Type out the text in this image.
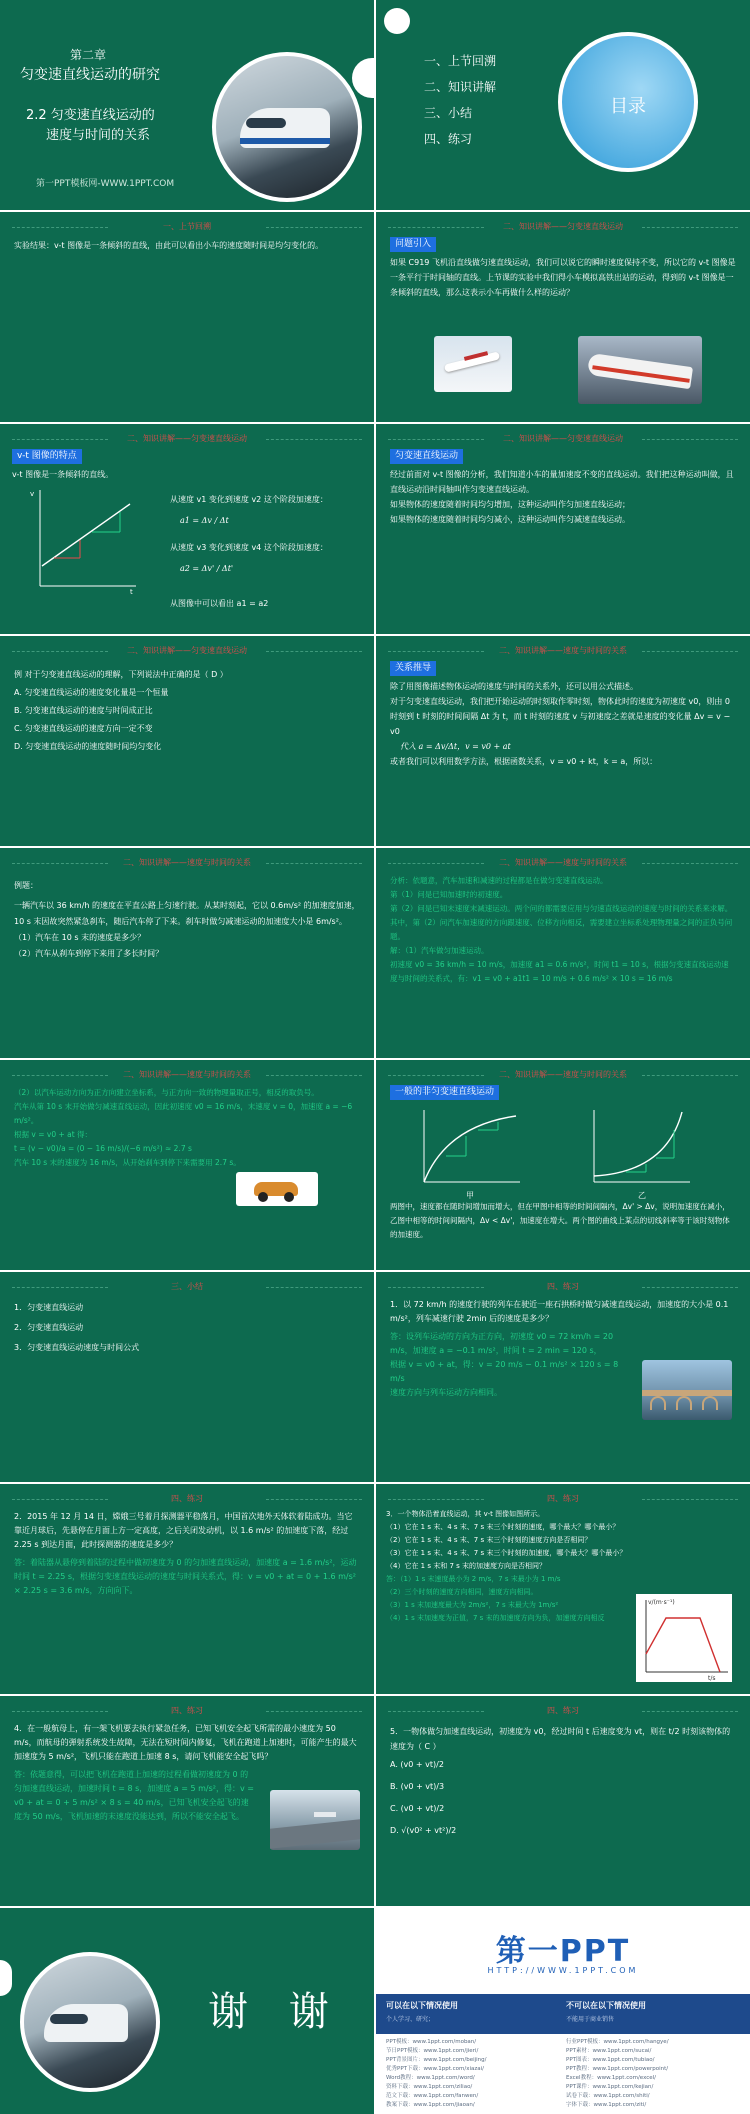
第二章
匀变速直线运动的研究
2.2 匀变速直线运动的
速度与时间的关系
第一PPT模板网-WWW.1PPT.COM
一、上节回溯
二、知识讲解
三、小结
四、练习
目录
一、上节回溯
实验结果：v-t 图像是一条倾斜的直线，由此可以看出小车的速度随时间是均匀变化的。
二、知识讲解——匀变速直线运动
问题引入
如果 C919 飞机沿直线做匀速直线运动，我们可以说它的瞬时速度保持不变，所以它的 v-t 图像是一条平行于时间轴的直线。上节课的实验中我们得小车模拟高铁出站的运动，得到的 v-t 图像是一条倾斜的直线，那么这表示小车再做什么样的运动？
二、知识讲解——匀变速直线运动
v-t 图像的特点
v-t 图像是一条倾斜的直线。
v
t
从速度 v1 变化到速度 v2 这个阶段加速度：
a1 = Δv / Δt
从速度 v3 变化到速度 v4 这个阶段加速度：
a2 = Δv' / Δt'
从图像中可以看出 a1 = a2
二、知识讲解——匀变速直线运动
匀变速直线运动
经过前面对 v-t 图像的分析，我们知道小车的量加速度不变的直线运动。我们把这种运动叫做，且直线运动沿时间轴叫作匀变速直线运动。
如果物体的速度随着时间均匀增加，这种运动叫作匀加速直线运动；
如果物体的速度随着时间均匀减小，这种运动叫作匀减速直线运动。
二、知识讲解——匀变速直线运动
例 对于匀变速直线运动的理解，下列说法中正确的是（ D ）
A. 匀变速直线运动的速度变化量是一个恒量
B. 匀变速直线运动的速度与时间成正比
C. 匀变速直线运动的速度方向一定不变
D. 匀变速直线运动的速度随时间均匀变化
二、知识讲解——速度与时间的关系
关系推导
除了用图像描述物体运动的速度与时间的关系外，还可以用公式描述。
对于匀变速直线运动，我们把开始运动的时刻取作零时刻，物体此时的速度为初速度 v0，则由 0 时刻到 t 时刻的时间间隔 Δt 为 t，而 t 时刻的速度 v 与初速度之差就是速度的变化量 Δv = v − v0
代入 a = Δv/Δt，v = v0 + at
或者我们可以利用数学方法，根据函数关系，v = v0 + kt，k = a，所以：
二、知识讲解——速度与时间的关系
例题：
一辆汽车以 36 km/h 的速度在平直公路上匀速行驶。从某时刻起，它以 0.6m/s² 的加速度加速，10 s 末因故突然紧急刹车，随后汽车停了下来。刹车时做匀减速运动的加速度大小是 6m/s²。
（1）汽车在 10 s 末的速度是多少？
（2）汽车从刹车到停下来用了多长时间？
二、知识讲解——速度与时间的关系
分析：依题意，汽车加速和减速的过程都是在做匀变速直线运动。
第（1）问是已知加速时的初速度。
第（2）问是已知末速度末减速运动。两个问的都需要应用与匀速直线运动的速度与时间的关系来求解。其中，第（2）问汽车加速度的方向跟速度、位移方向相反，需要建立坐标系处理物理量之间的正负号问题。
解：（1）汽车做匀加速运动。
初速度 v0 = 36 km/h = 10 m/s，加速度 a1 = 0.6 m/s²，时间 t1 = 10 s，根据匀变速直线运动速度与时间的关系式，有：v1 = v0 + a1t1 = 10 m/s + 0.6 m/s² × 10 s = 16 m/s
二、知识讲解——速度与时间的关系
（2）以汽车运动方向为正方向建立坐标系，与正方向一致的物理量取正号，相反的取负号。
汽车从第 10 s 末开始做匀减速直线运动，因此初速度 v0 = 16 m/s，末速度 v = 0，加速度 a = −6 m/s²。
根据 v = v0 + at 得：
t = (v − v0)/a = (0 − 16 m/s)/(−6 m/s²) ≈ 2.7 s
汽车 10 s 末的速度为 16 m/s，从开始刹车到停下来需要用 2.7 s。
二、知识讲解——速度与时间的关系
一般的非匀变速直线运动
甲	乙
两图中，速度都在随时间增加而增大，但在甲图中相等的时间间隔内，Δv' > Δv，说明加速度在减小，乙图中相等的时间间隔内，Δv < Δv'，加速度在增大。两个图的曲线上某点的切线斜率等于该时刻物体的加速度。
三、小结
1．匀变速直线运动
2．匀变速直线运动
3．匀变速直线运动速度与时间公式
四、练习
1．以 72 km/h 的速度行驶的列车在驶近一座石拱桥时做匀减速直线运动，加速度的大小是 0.1 m/s²，列车减速行驶 2min 后的速度是多少？
答：设列车运动的方向为正方向，初速度 v0 = 72 km/h = 20 m/s，加速度 a = −0.1 m/s²，时间 t = 2 min = 120 s，
根据 v = v0 + at，得：v = 20 m/s − 0.1 m/s² × 120 s = 8 m/s
速度方向与列车运动方向相同。
四、练习
2．2015 年 12 月 14 日，嫦娥三号着月探测器平稳落月，中国首次地外天体软着陆成功。当它靠近月球后，先悬停在月面上方一定高度，之后关闭发动机，以 1.6 m/s² 的加速度下落，经过 2.25 s 到达月面，此时探测器的速度是多少？
答：着陆器从悬停到着陆的过程中做初速度为 0 的匀加速直线运动，加速度 a = 1.6 m/s²，运动时间 t = 2.25 s，根据匀变速直线运动的速度与时间关系式，得：v = v0 + at = 0 + 1.6 m/s² × 2.25 s = 3.6 m/s，方向向下。
四、练习
3．一个物体沿着直线运动，其 v-t 图像如图所示。
（1）它在 1 s 末、4 s 末、7 s 末三个时刻的速度，哪个最大？哪个最小？
（2）它在 1 s 末、4 s 末、7 s 末三个时刻的速度方向是否相同？
（3）它在 1 s 末、4 s 末、7 s 末三个时刻的加速度，哪个最大？哪个最小？
（4）它在 1 s 末和 7 s 末的加速度方向是否相同？
答：（1）1 s 末速度最小为 2 m/s，7 s 末最小为 1 m/s
（2）三个时刻的速度方向相同，速度方向相同。
（3）1 s 末加速度最大为 2m/s²，7 s 末最大为 1m/s²
（4）1 s 末加速度为正值，7 s 末的加速度方向为负，加速度方向相反
v/(m·s⁻¹)
t/s
四、练习
4．在一般航母上，有一架飞机要去执行紧急任务，已知飞机安全起飞所需的最小速度为 50 m/s，而航母的弹射系统发生故障，无法在短时间内修复，飞机在跑道上加速时，可能产生的最大加速度为 5 m/s²，飞机只能在跑道上加速 8 s，请问飞机能安全起飞吗？
答：依题意得，可以把飞机在跑道上加速的过程看做初速度为 0 的匀加速直线运动，加速时间 t = 8 s，加速度 a = 5 m/s²，得：v = v0 + at = 0 + 5 m/s² × 8 s = 40 m/s，已知飞机安全起飞的速度为 50 m/s，飞机加速的末速度没能达到，所以不能安全起飞。
四、练习
5．一物体做匀加速直线运动，初速度为 v0，经过时间 t 后速度变为 vt，则在 t/2 时刻该物体的速度为（ C ）
A. (v0 + vt)/2
B. (v0 + vt)/3
C. (v0 + vt)/2
D. √(v0² + vt²)/2
谢 谢
第一PPT
HTTP://WWW.1PPT.COM
可以在以下情况使用
个人学习、研究；
不可以在以下情况使用
不能用于商业销售
PPT模板：www.1ppt.com/moban/
节日PPT模板：www.1ppt.com/jieri/
PPT背景图片：www.1ppt.com/beijing/
优秀PPT下载：www.1ppt.com/xiazai/
Word教程：www.1ppt.com/word/
资料下载：www.1ppt.com/ziliao/
范文下载：www.1ppt.com/fanwen/
教案下载：www.1ppt.com/jiaoan/
行业PPT模板：www.1ppt.com/hangye/
PPT素材：www.1ppt.com/sucai/
PPT图表：www.1ppt.com/tubiao/
PPT教程：www.1ppt.com/powerpoint/
Excel教程：www.1ppt.com/excel/
PPT课件：www.1ppt.com/kejian/
试卷下载：www.1ppt.com/shiti/
字体下载：www.1ppt.com/ziti/
